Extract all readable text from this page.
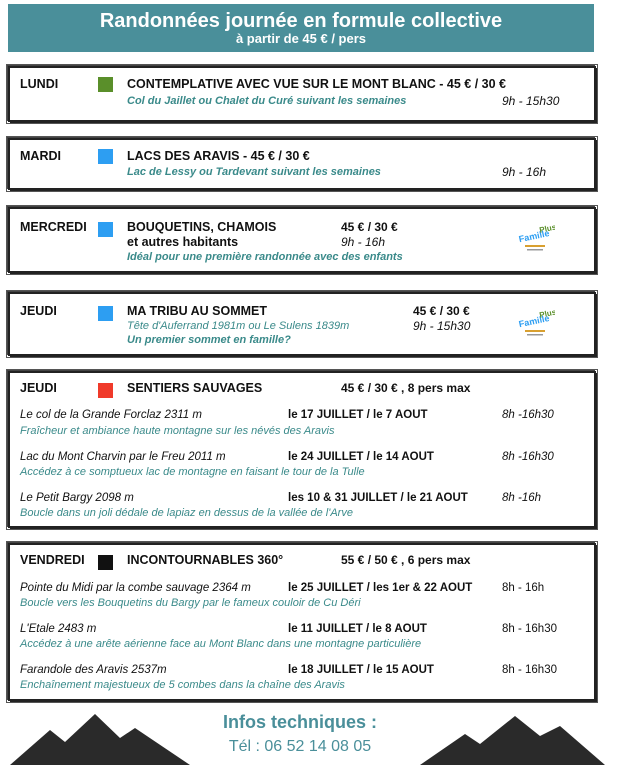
Randonnées journée en formule collective
à partir de 45 € / pers
LUNDI	CONTEMPLATIVE AVEC VUE SUR LE MONT BLANC - 45 € / 30 €
Col du Jaillet ou Chalet du Curé suivant les semaines	9h - 15h30
MARDI	LACS DES ARAVIS - 45 € / 30 €
Lac de Lessy ou Tardevant suivant les semaines	9h - 16h
MERCREDI	BOUQUETINS, CHAMOIS
et autres habitants
45 € / 30 €
9h - 16h
Idéal pour une première randonnée avec des enfants
Famille
Plus
JEUDI	MA TRIBU AU SOMMET	45 € / 30 €
Tête d'Auferrand 1981m ou Le Sulens 1839m	9h - 15h30
Un premier sommet en famille?
Famille
Plus
JEUDI	SENTIERS SAUVAGES	45 € / 30 € , 8 pers max
Le col de la Grande Forclaz 2311 m	le 17 JUILLET / le 7 AOUT	8h -16h30
Fraîcheur et ambiance haute montagne sur les névés des Aravis
Lac du Mont Charvin par le Freu 2011 m	le 24 JUILLET / le 14 AOUT	8h -16h30
Accédez à ce somptueux lac de montagne en faisant le tour de la Tulle
Le Petit Bargy 2098 m	les 10 & 31 JUILLET / le 21 AOUT	8h -16h
Boucle dans un joli dédale de lapiaz en dessus de la vallée de l'Arve
VENDREDI	INCONTOURNABLES 360°	55 € / 50 € , 6 pers max
Pointe du Midi par la combe sauvage 2364 m	le 25 JUILLET / les 1er & 22 AOUT	8h - 16h
Boucle vers les Bouquetins du Bargy par le fameux couloir de Cu Déri
L'Etale 2483 m	le 11 JUILLET / le 8 AOUT	8h - 16h30
Accédez à une arête aérienne face au Mont Blanc dans une montagne particulière
Farandole des Aravis 2537m	le 18 JUILLET / le 15 AOUT	8h - 16h30
Enchaînement majestueux de 5 combes dans la chaîne des Aravis
Infos techniques :
Tél : 06 52 14 08 05
